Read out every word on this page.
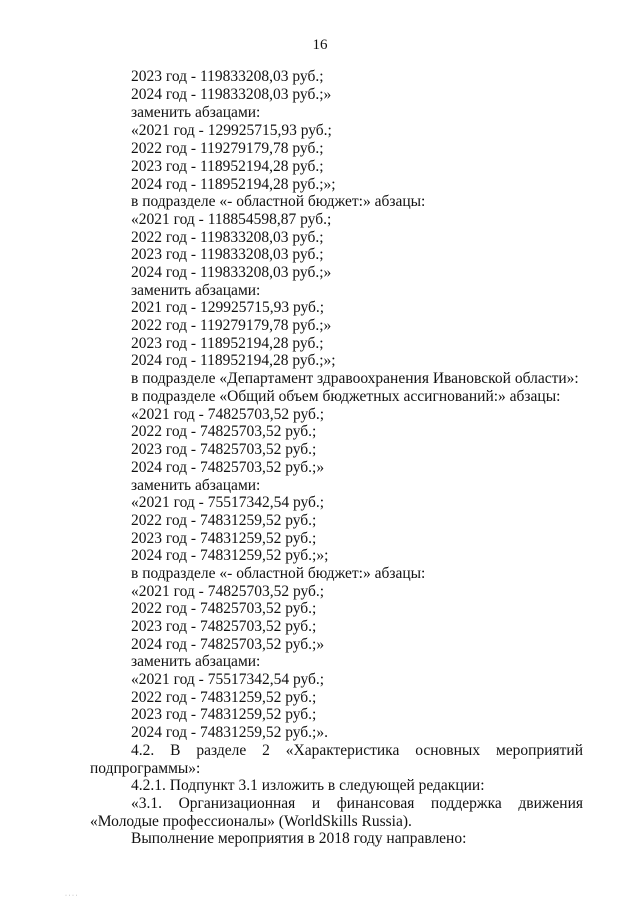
16
2023 год - 119833208,03 руб.;
2024 год - 119833208,03 руб.;»
заменить абзацами:
«2021 год - 129925715,93 руб.;
2022 год - 119279179,78 руб.;
2023 год - 118952194,28 руб.;
2024 год - 118952194,28 руб.;»;
в подразделе «- областной бюджет:» абзацы:
«2021 год - 118854598,87 руб.;
2022 год - 119833208,03 руб.;
2023 год - 119833208,03 руб.;
2024 год - 119833208,03 руб.;»
заменить абзацами:
2021 год - 129925715,93 руб.;
2022 год - 119279179,78 руб.;»
2023 год - 118952194,28 руб.;
2024 год - 118952194,28 руб.;»;
в подразделе «Департамент здравоохранения Ивановской области»:
в подразделе «Общий объем бюджетных ассигнований:» абзацы:
«2021 год - 74825703,52 руб.;
2022 год - 74825703,52 руб.;
2023 год - 74825703,52 руб.;
2024 год - 74825703,52 руб.;»
заменить абзацами:
«2021 год - 75517342,54 руб.;
2022 год - 74831259,52 руб.;
2023 год - 74831259,52 руб.;
2024 год - 74831259,52 руб.;»;
в подразделе «- областной бюджет:» абзацы:
«2021 год - 74825703,52 руб.;
2022 год - 74825703,52 руб.;
2023 год - 74825703,52 руб.;
2024 год - 74825703,52 руб.;»
заменить абзацами:
«2021 год - 75517342,54 руб.;
2022 год - 74831259,52 руб.;
2023 год - 74831259,52 руб.;
2024 год - 74831259,52 руб.;».
4.2. В разделе 2 «Характеристика основных мероприятий
подпрограммы»:
4.2.1. Подпункт 3.1 изложить в следующей редакции:
«3.1. Организационная и финансовая поддержка движения
«Молодые профессионалы» (WorldSkills Russia).
Выполнение мероприятия в 2018 году направлено:
· · · ·
